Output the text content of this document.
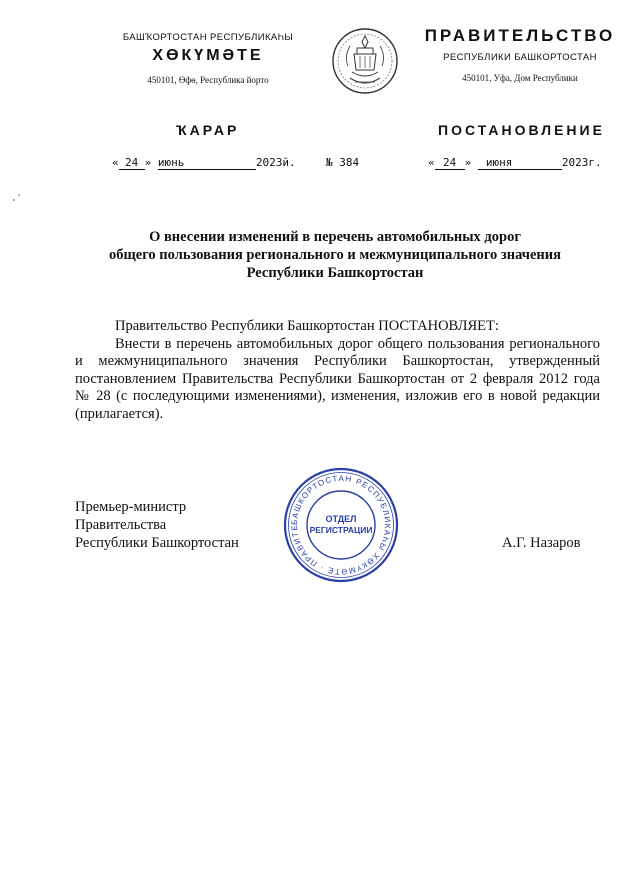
БАШҠОРТОСТАН РЕСПУБЛИКАҺЫ
ХӨКҮМӘТЕ
450101, Өфө, Республика йорто
ПРАВИТЕЛЬСТВО
РЕСПУБЛИКИ БАШКОРТОСТАН
450101, Уфа, Дом Республики
ҠАРАР	ПОСТАНОВЛЕНИЕ
« 24 » июнь	2023й.	№ 384	« 24 » июня	2023г.
О внесении изменений в перечень автомобильных дорог
общего пользования регионального и межмуниципального значения
Республики Башкортостан

Правительство Республики Башкортостан ПОСТАНОВЛЯЕТ:

Внести в перечень автомобильных дорог общего пользования регионального и межмуниципального значения Республики Башкортостан, утвержденный постановлением Правительства Республики Башкортостан от 2 февраля 2012 года № 28 (с последующими изменениями), изменения, изложив его в новой редакции (прилагается).

Премьер-министр
Правительства
Республики Башкортостан	А.Г. Назаров
БАШКОРТОСТАН РЕСПУБЛИКАҺЫ ХӨКҮМӘТЕ · ПРАВИТЕ
ОТДЕЛ
РЕГИСТРАЦИИ
